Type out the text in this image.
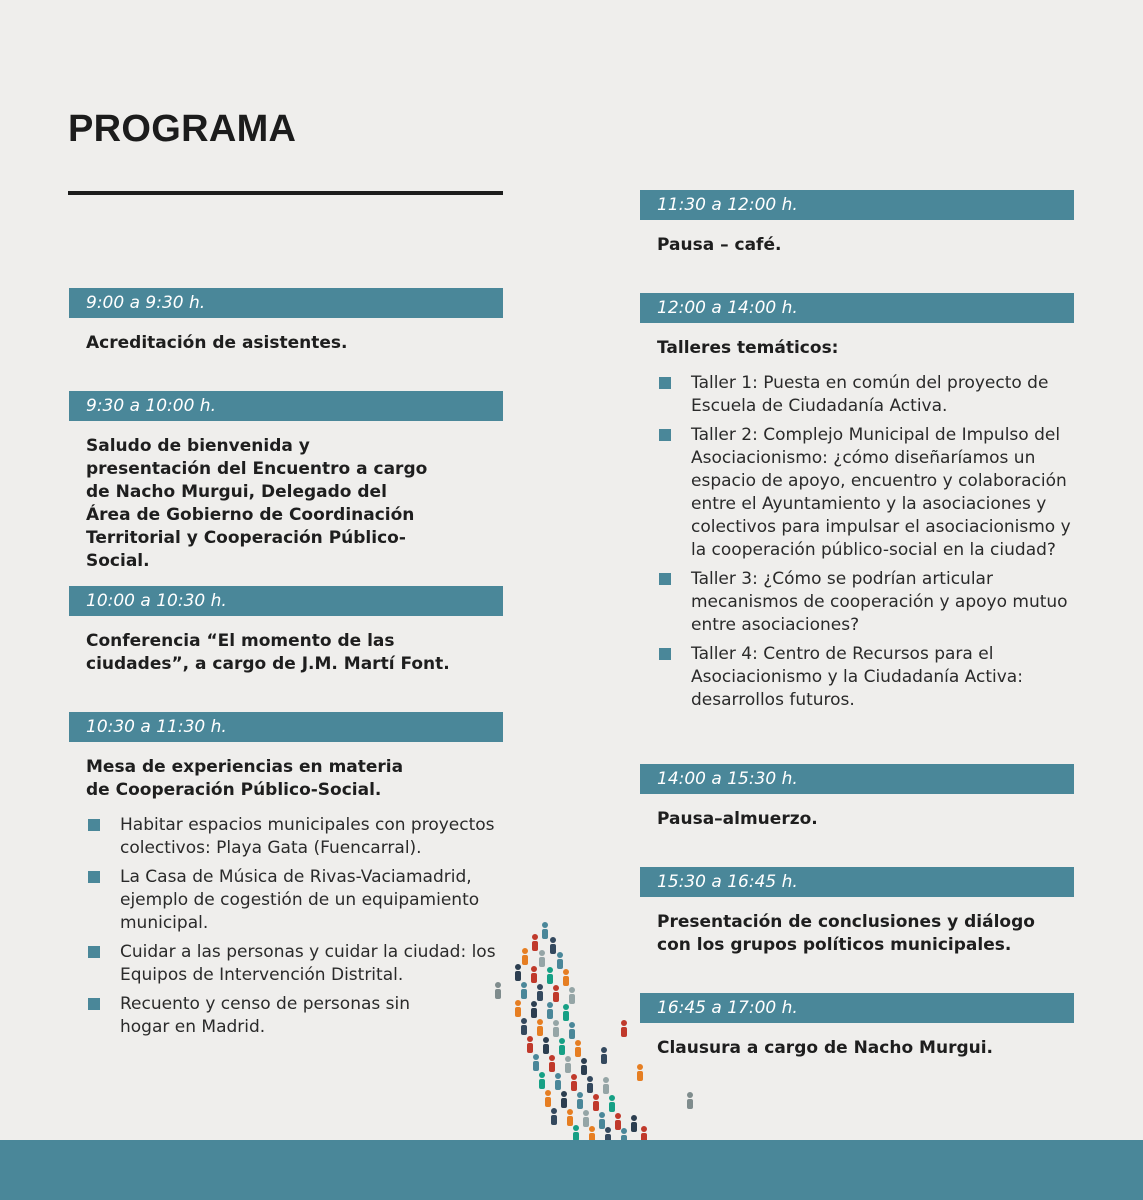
PROGRAMA
9:00 a 9:30 h.
Acreditación de asistentes.
9:30 a 10:00 h.
Saludo de bienvenida y presentación del Encuentro a cargo de Nacho Murgui, Delegado del Área de Gobierno de Coordinación Territorial y Cooperación Público-Social.
10:00 a 10:30 h.
Conferencia “El momento de las ciudades”, a cargo de J.M. Martí Font.
10:30 a 11:30 h.
Mesa de experiencias en materia de Cooperación Público-Social.
Habitar espacios municipales con proyectos colectivos: Playa Gata (Fuencarral).
La Casa de Música de Rivas-Vaciamadrid, ejemplo de cogestión de un equipamiento municipal.
Cuidar a las personas y cuidar la ciudad: los Equipos de Intervención Distrital.
Recuento y censo de personas sin hogar en Madrid.
11:30 a 12:00 h.
Pausa – café.
12:00 a 14:00 h.
Talleres temáticos:
Taller 1: Puesta en común del proyecto de Escuela de Ciudadanía Activa.
Taller 2: Complejo Municipal de Impulso del Asociacionismo: ¿cómo diseñaríamos un espacio de apoyo, encuentro y colaboración entre el Ayuntamiento y la asociaciones y colectivos para impulsar el asociacionismo y la cooperación público-social en la ciudad?
Taller 3: ¿Cómo se podrían articular mecanismos de cooperación y apoyo mutuo entre asociaciones?
Taller 4: Centro de Recursos para el Asociacionismo y la Ciudadanía Activa: desarrollos futuros.
14:00 a 15:30 h.
Pausa–almuerzo.
15:30 a 16:45 h.
Presentación de conclusiones y diálogo con los grupos políticos municipales.
16:45 a 17:00 h.
Clausura a cargo de Nacho Murgui.
